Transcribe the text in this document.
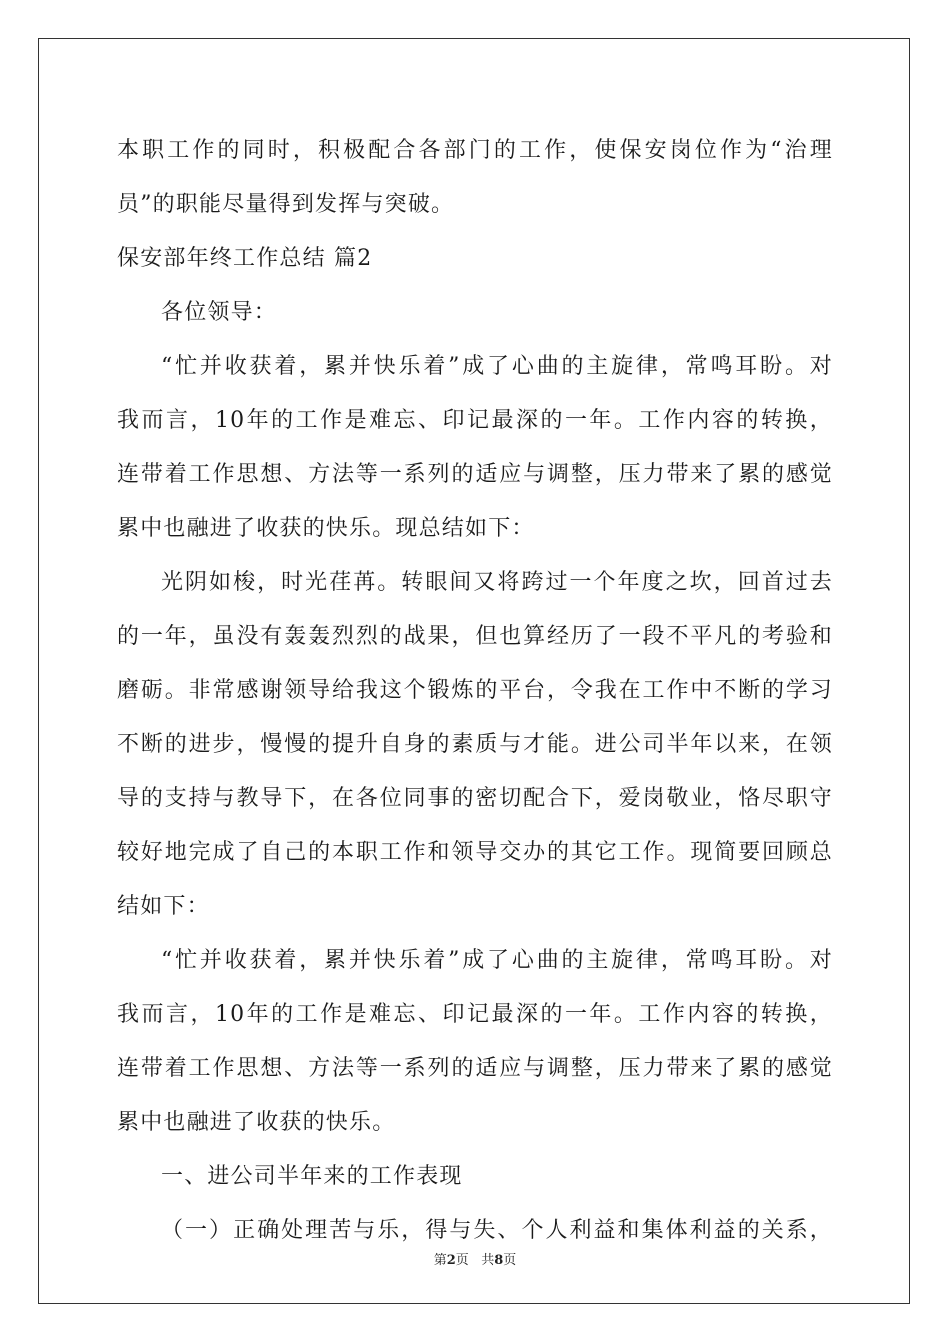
本职工作的同时，积极配合各部门的工作，使保安岗位作为“治理
员”的职能尽量得到发挥与突破。
保安部年终工作总结 篇2
各位领导：
“忙并收获着，累并快乐着”成了心曲的主旋律，常鸣耳盼。对
我而言，10年的工作是难忘、印记最深的一年。工作内容的转换，
连带着工作思想、方法等一系列的适应与调整，压力带来了累的感觉
累中也融进了收获的快乐。现总结如下：
光阴如梭，时光荏苒。转眼间又将跨过一个年度之坎，回首过去
的一年，虽没有轰轰烈烈的战果，但也算经历了一段不平凡的考验和
磨砺。非常感谢领导给我这个锻炼的平台，令我在工作中不断的学习
不断的进步，慢慢的提升自身的素质与才能。进公司半年以来，在领
导的支持与教导下，在各位同事的密切配合下，爱岗敬业，恪尽职守
较好地完成了自己的本职工作和领导交办的其它工作。现简要回顾总
结如下：
“忙并收获着，累并快乐着”成了心曲的主旋律，常鸣耳盼。对
我而言，10年的工作是难忘、印记最深的一年。工作内容的转换，
连带着工作思想、方法等一系列的适应与调整，压力带来了累的感觉
累中也融进了收获的快乐。
一、进公司半年来的工作表现
（一）正确处理苦与乐，得与失、个人利益和集体利益的关系，
第2页 共8页
